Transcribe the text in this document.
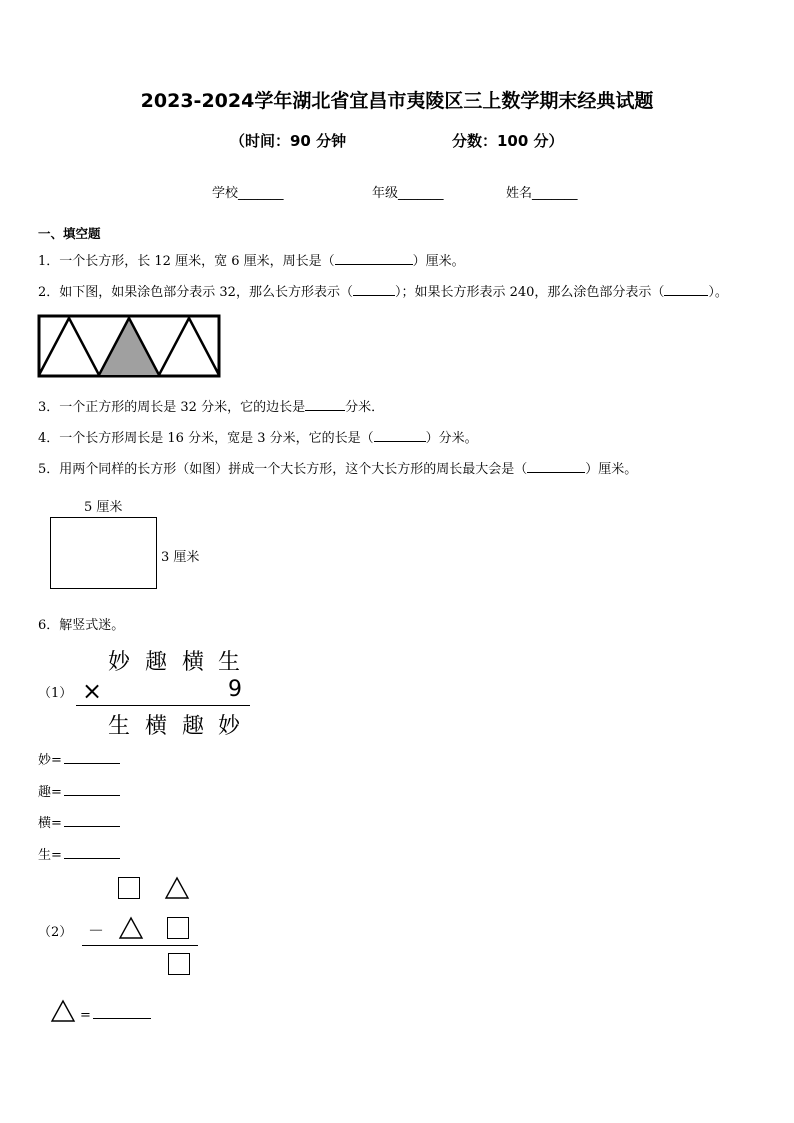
2023-2024学年湖北省宜昌市夷陵区三上数学期末经典试题
（时间：90 分钟	分数：100 分）
学校_______	年级_______	姓名_______
一、填空题
1．一个长方形，长 12 厘米，宽 6 厘米，周长是（	）厘米。
2．如下图，如果涂色部分表示 32，那么长方形表示（	）；如果长方形表示 240，那么涂色部分表示（	）。
3．一个正方形的周长是 32 分米，它的边长是	分米．
4．一个长方形周长是 16 分米，宽是 3 分米，它的长是（	）分米。
5．用两个同样的长方形（如图）拼成一个大长方形，这个大长方形的周长最大会是（	）厘米。
5 厘米
3 厘米
6．解竖式迷。
妙 趣 横 生
（1） ×	9
生 横 趣 妙
妙=
趣=
横=
生=
（2） －
=
